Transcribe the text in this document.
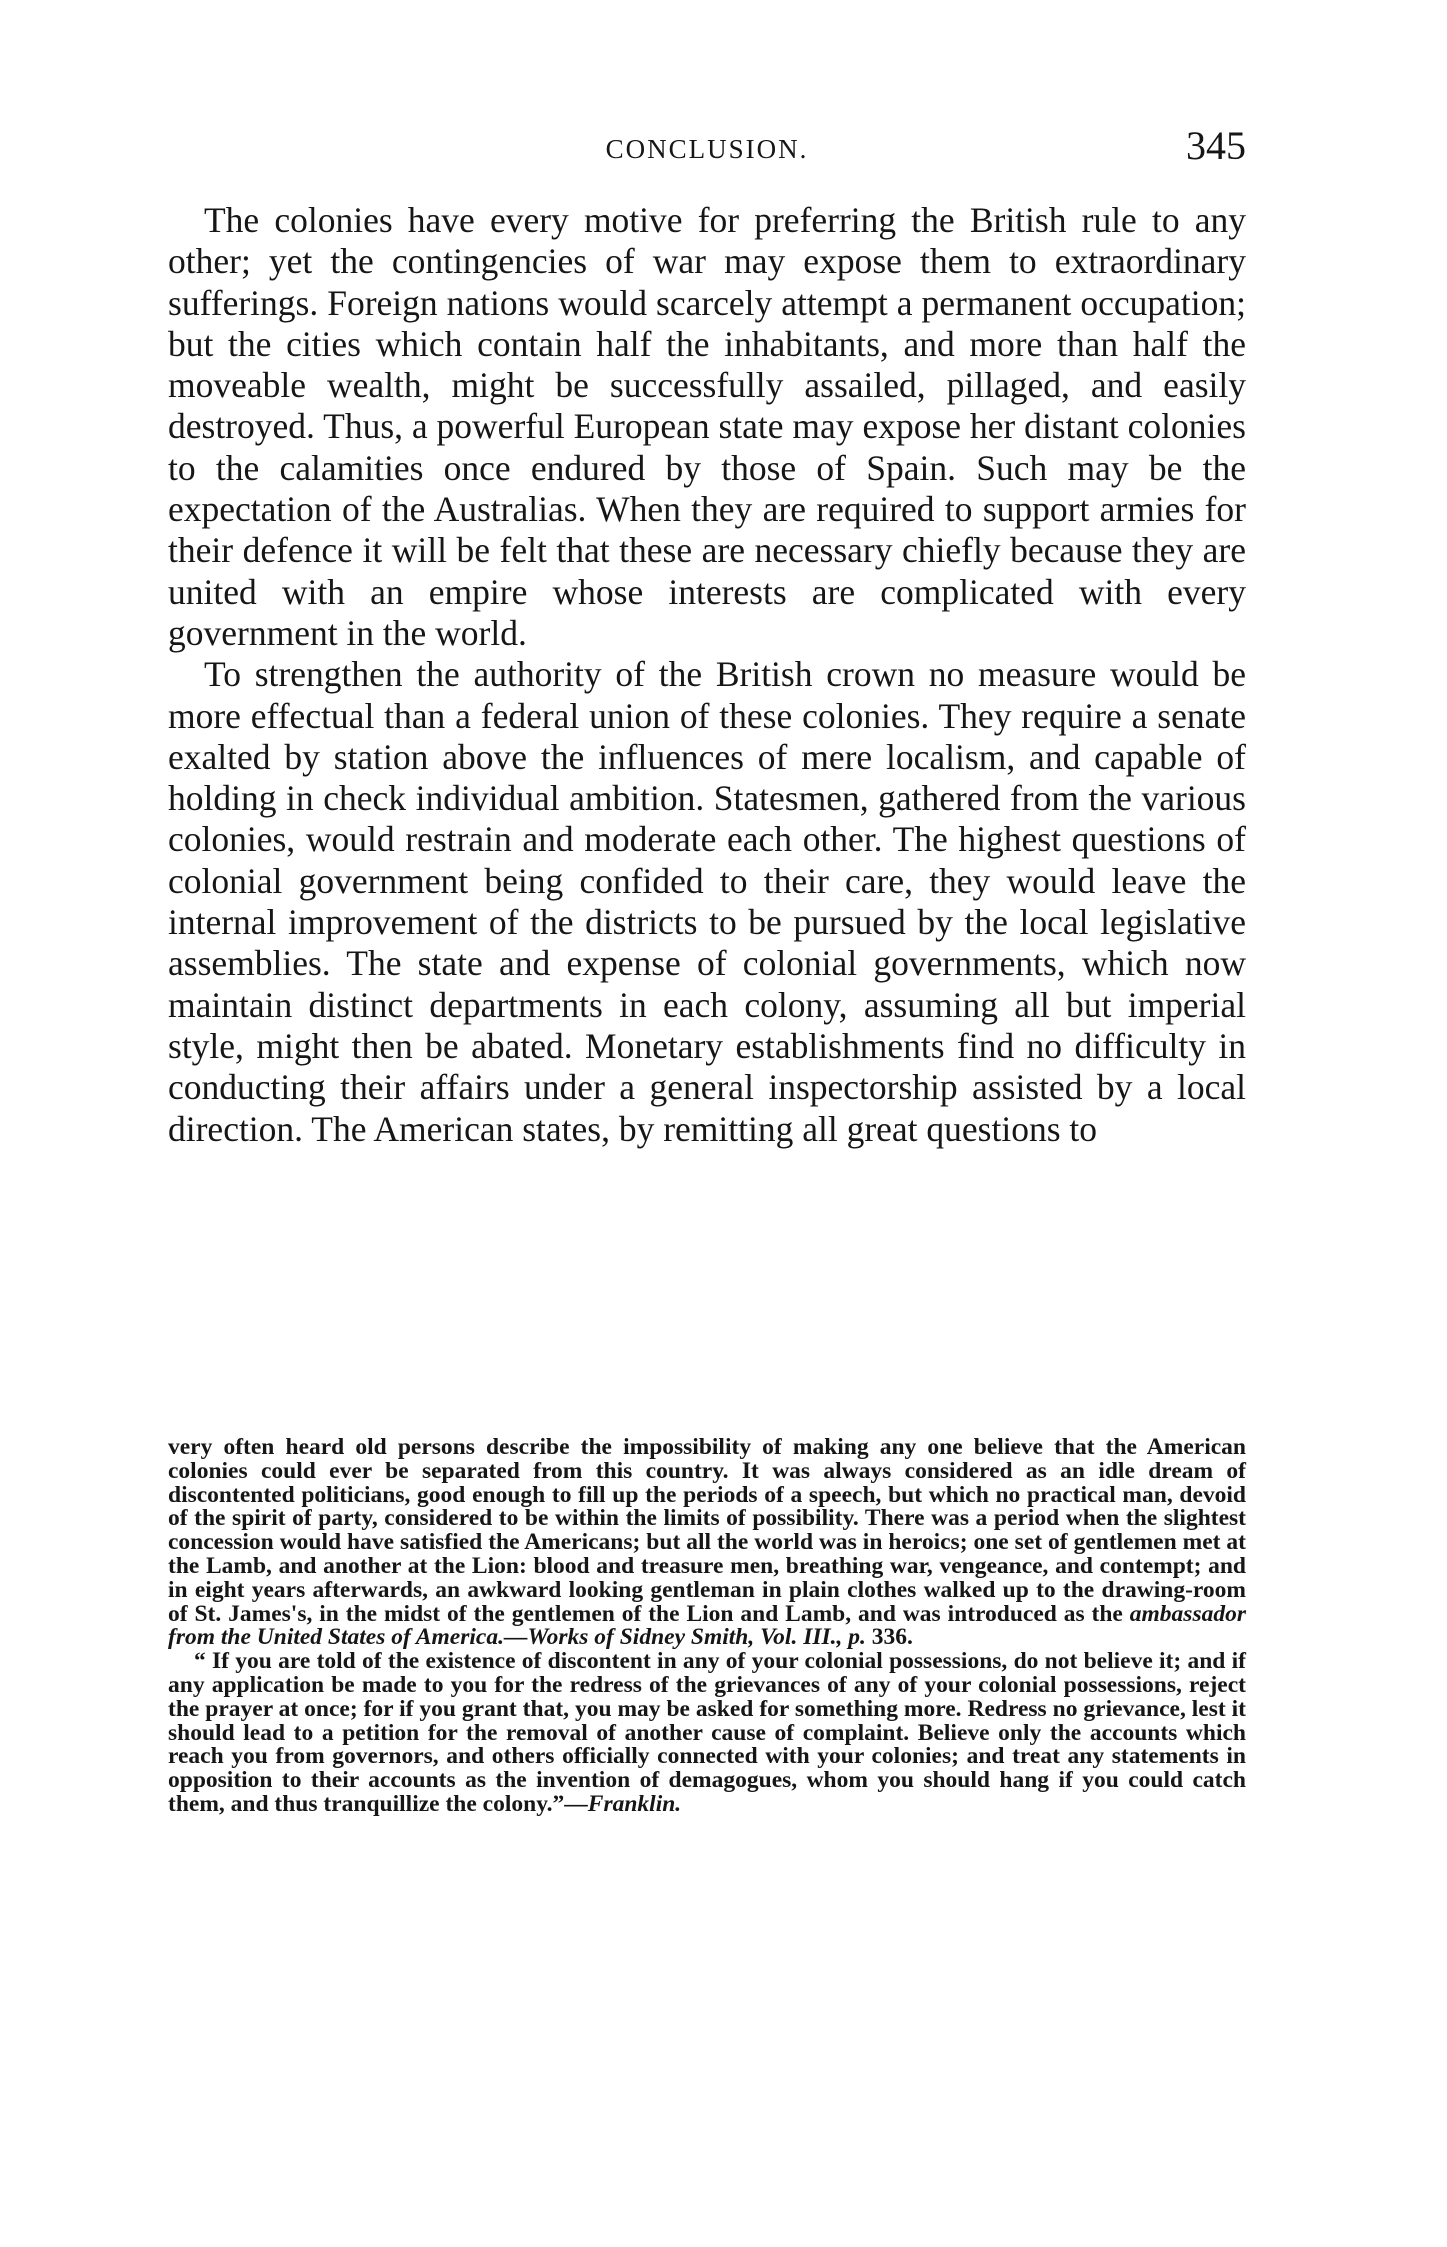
CONCLUSION.	345

The colonies have every motive for preferring the British rule to any other; yet the contingencies of war may expose them to extraordinary sufferings. Foreign nations would scarcely attempt a permanent occupation; but the cities which contain half the inhabitants, and more than half the moveable wealth, might be successfully assailed, pillaged, and easily destroyed. Thus, a powerful European state may expose her distant colonies to the calamities once endured by those of Spain. Such may be the expectation of the Australias. When they are required to support armies for their defence it will be felt that these are necessary chiefly because they are united with an empire whose interests are complicated with every government in the world.

To strengthen the authority of the British crown no measure would be more effectual than a federal union of these colonies. They require a senate exalted by station above the influences of mere localism, and capable of holding in check individual ambition. Statesmen, gathered from the various colonies, would restrain and moderate each other. The highest questions of colonial government being confided to their care, they would leave the internal improvement of the districts to be pursued by the local legislative assemblies. The state and expense of colonial governments, which now maintain distinct departments in each colony, assuming all but imperial style, might then be abated. Monetary establishments find no difficulty in conducting their affairs under a general inspectorship assisted by a local direction. The American states, by remitting all great questions to

very often heard old persons describe the impossibility of making any one believe that the American colonies could ever be separated from this country. It was always considered as an idle dream of discontented politicians, good enough to fill up the periods of a speech, but which no practical man, devoid of the spirit of party, considered to be within the limits of possibility. There was a period when the slightest concession would have satisfied the Americans; but all the world was in heroics; one set of gentlemen met at the Lamb, and another at the Lion: blood and treasure men, breathing war, vengeance, and contempt; and in eight years afterwards, an awkward looking gentleman in plain clothes walked up to the drawing-room of St. James's, in the midst of the gentlemen of the Lion and Lamb, and was introduced as the ambassador from the United States of America.—Works of Sidney Smith, Vol. III., p. 336.

“ If you are told of the existence of discontent in any of your colonial possessions, do not believe it; and if any application be made to you for the redress of the grievances of any of your colonial possessions, reject the prayer at once; for if you grant that, you may be asked for something more. Redress no grievance, lest it should lead to a petition for the removal of another cause of complaint. Believe only the accounts which reach you from governors, and others officially connected with your colonies; and treat any statements in opposition to their accounts as the invention of demagogues, whom you should hang if you could catch them, and thus tranquillize the colony.”—Franklin.
